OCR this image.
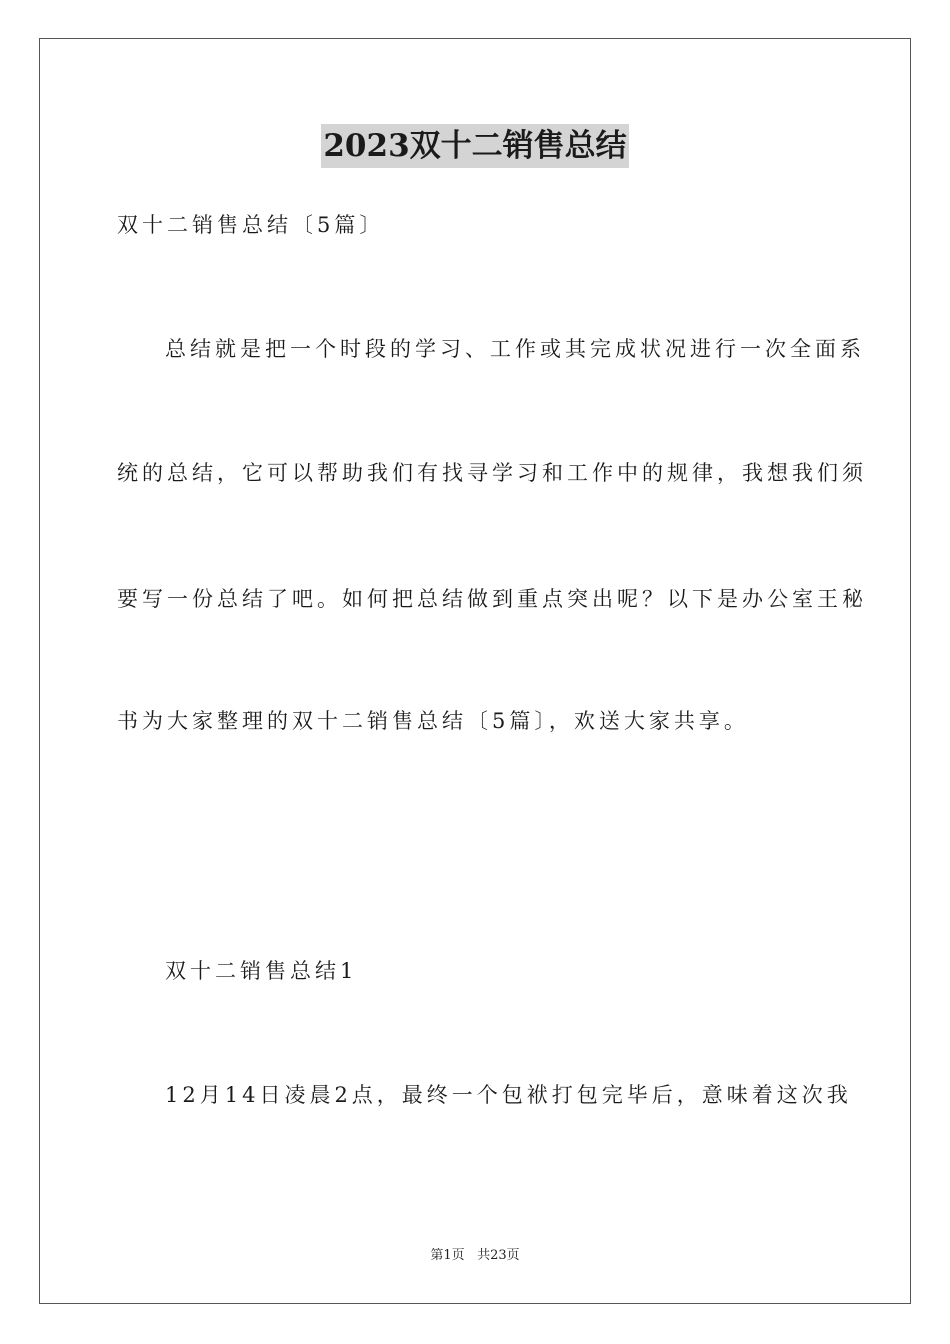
2023双十二销售总结
双十二销售总结〔5篇〕
总结就是把一个时段的学习、工作或其完成状况进行一次全面系
统的总结，它可以帮助我们有找寻学习和工作中的规律，我想我们须
要写一份总结了吧。如何把总结做到重点突出呢？以下是办公室王秘
书为大家整理的双十二销售总结〔5篇〕，欢送大家共享。
双十二销售总结1
12月14日凌晨2点，最终一个包袱打包完毕后，意味着这次我
第1页 共23页
